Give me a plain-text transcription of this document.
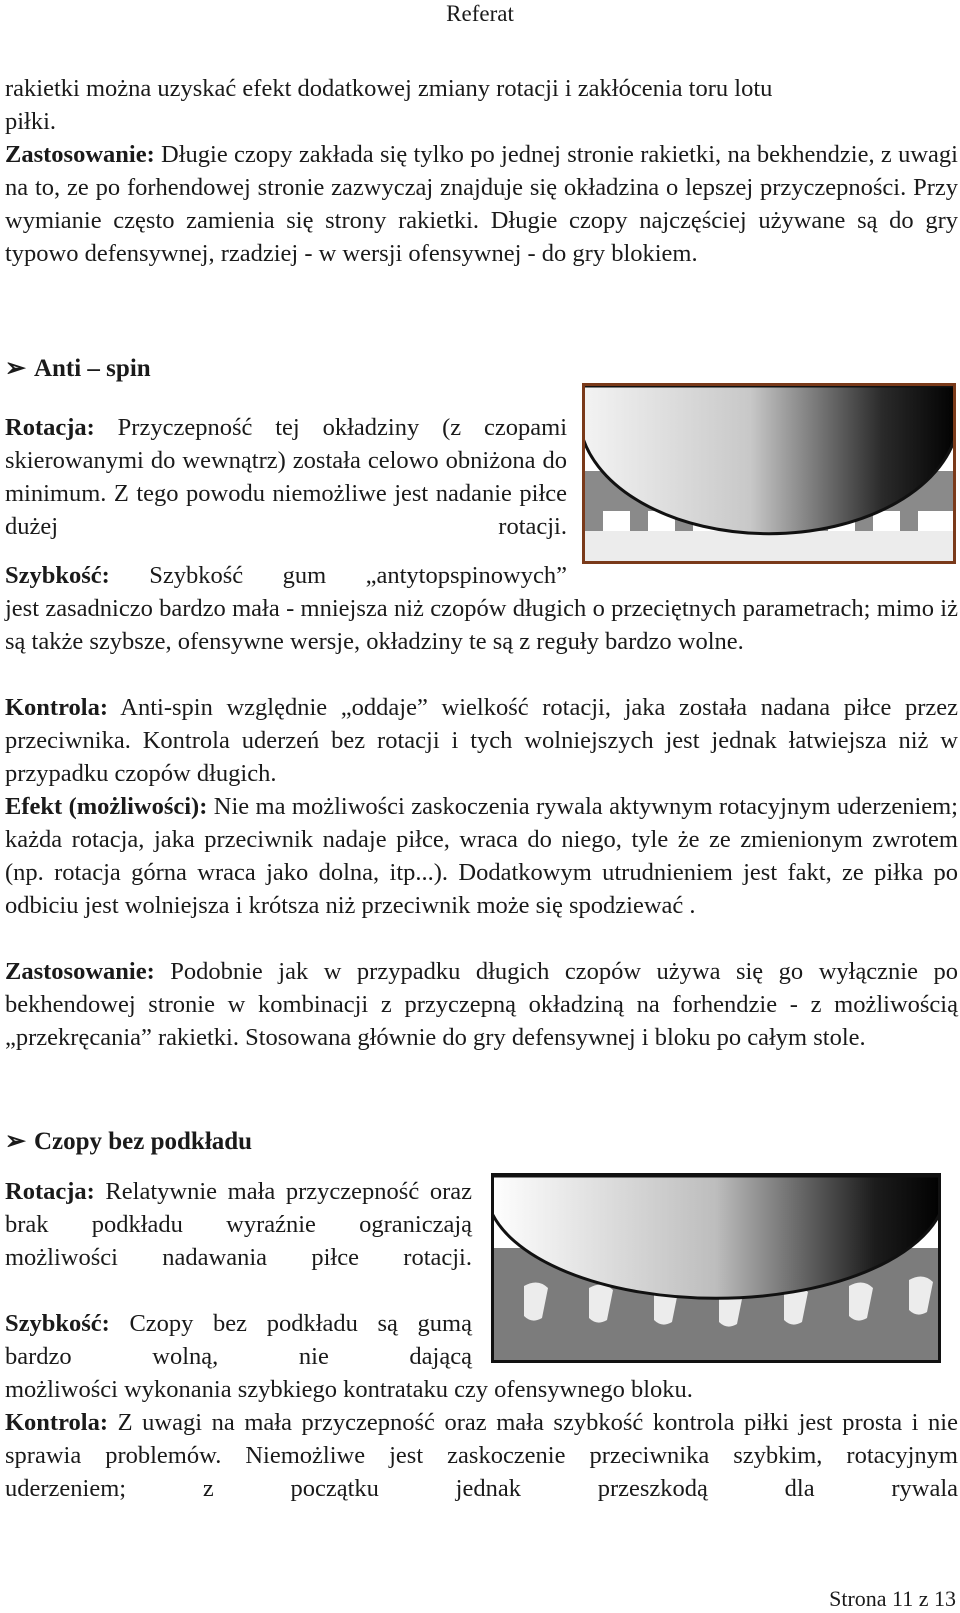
Referat

rakietki można uzyskać efekt dodatkowej zmiany rotacji i zakłócenia toru lotu

piłki.

Zastosowanie: Długie czopy zakłada się tylko po jednej stronie rakietki, na bekhendzie, z uwagi na to, ze po forhendowej stronie zazwyczaj znajduje się okładzina o lepszej przyczepności. Przy wymianie często zamienia się strony rakietki. Długie czopy najczęściej używane są do gry typowo defensywnej, rzadziej - w wersji ofensywnej - do gry blokiem.

➢ Anti – spin

Rotacja: Przyczepność tej okładziny (z czopami skierowanymi do wewnątrz) została celowo obniżona do minimum. Z tego powodu niemożliwe jest nadanie piłce dużej rotacji.

Szybkość: Szybkość gum „antytopspinowych”

jest zasadniczo bardzo mała - mniejsza niż czopów długich o przeciętnych parametrach; mimo iż są także szybsze, ofensywne wersje, okładziny te są z reguły bardzo wolne.

Kontrola: Anti-spin względnie „oddaje” wielkość rotacji, jaka została nadana piłce przez przeciwnika. Kontrola uderzeń bez rotacji i tych wolniejszych jest jednak łatwiejsza niż w przypadku czopów długich.

Efekt (możliwości): Nie ma możliwości zaskoczenia rywala aktywnym rotacyjnym uderzeniem; każda rotacja, jaka przeciwnik nadaje piłce, wraca do niego, tyle że ze zmienionym zwrotem (np. rotacja górna wraca jako dolna, itp...). Dodatkowym utrudnieniem jest fakt, ze piłka po odbiciu jest wolniejsza i krótsza niż przeciwnik może się spodziewać .

Zastosowanie: Podobnie jak w przypadku długich czopów używa się go wyłącznie po bekhendowej stronie w kombinacji z przyczepną okładziną na forhendzie - z możliwością „przekręcania” rakietki. Stosowana głównie do gry defensywnej i bloku po całym stole.

➢ Czopy bez podkładu

Rotacja: Relatywnie mała przyczepność oraz brak podkładu wyraźnie ograniczają możliwości nadawania piłce rotacji.

Szybkość: Czopy bez podkładu są gumą bardzo wolną, nie dającą

możliwości wykonania szybkiego kontrataku czy ofensywnego bloku.

Kontrola: Z uwagi na mała przyczepność oraz mała szybkość kontrola piłki jest prosta i nie sprawia problemów. Niemożliwe jest zaskoczenie przeciwnika szybkim, rotacyjnym uderzeniem; z początku jednak przeszkodą dla rywala

Strona 11 z 13
